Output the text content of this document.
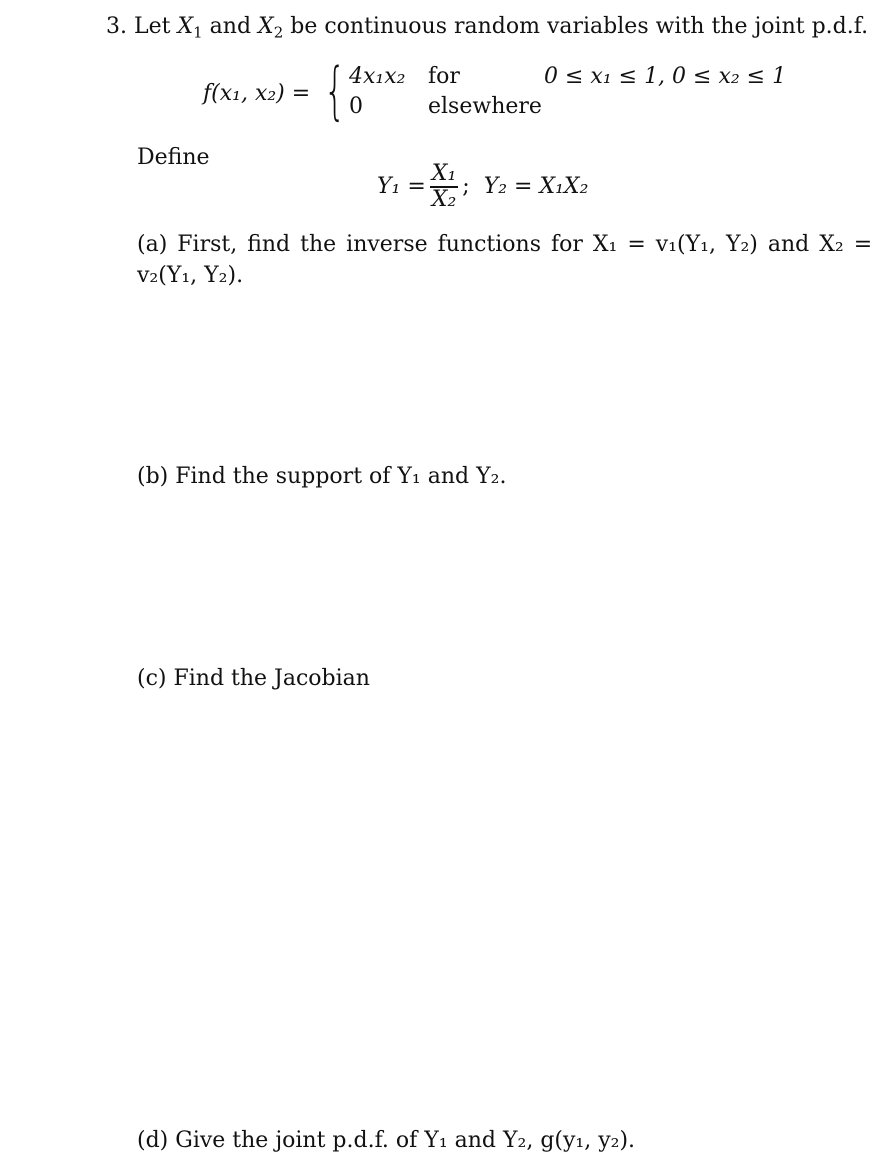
3. Let $X_1$ and $X_2$ be continuous random variables with the joint p.d.f.
f(x₁, x₂) = { 4x₁x₂ for	0 ≤ x₁ ≤ 1, 0 ≤ x₂ ≤ 1
0	elsewhere
Define
$Y_1 = \frac{\text{X₁}}{\text{X₂}}$ ; Y₂ = X₁X₂
(a) First, find the inverse functions for X₁ = v₁(Y₁, Y₂) and X₂ =
v₂(Y₁, Y₂).
(b) Find the support of Y₁ and Y₂.
(c) Find the Jacobian
(d) Give the joint p.d.f. of Y₁ and Y₂, g(y₁, y₂).
